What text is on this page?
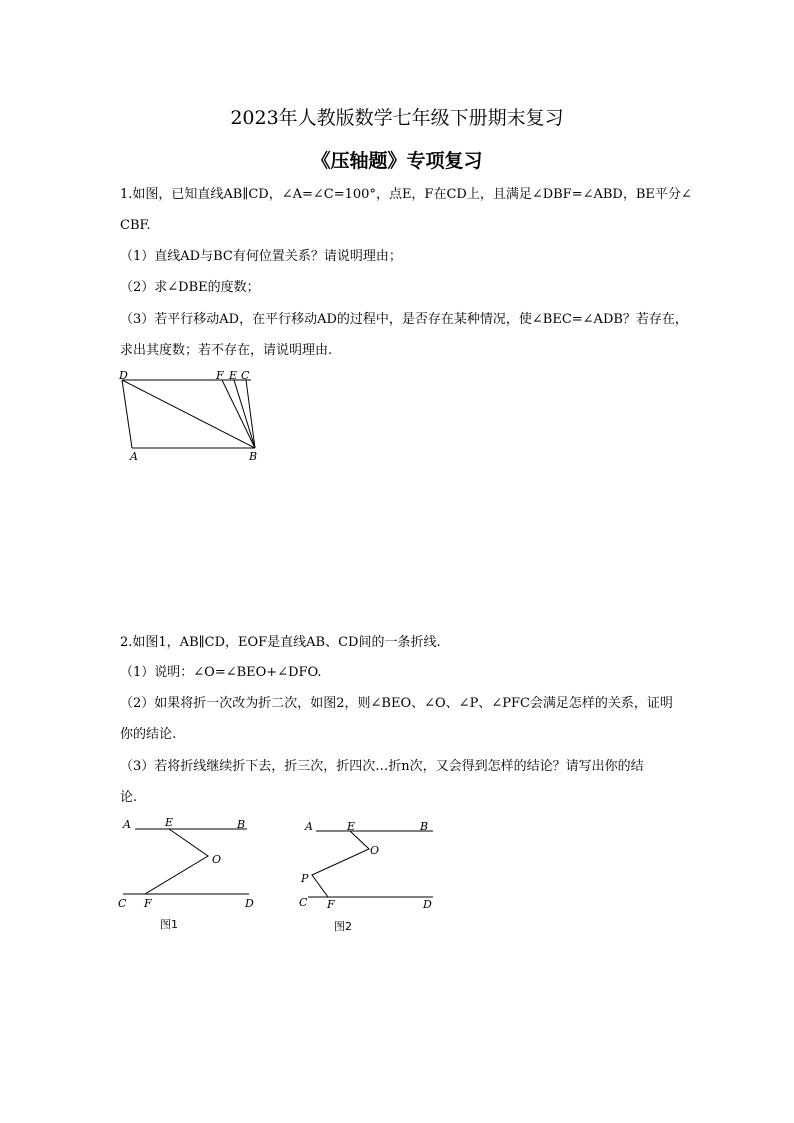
2023年人教版数学七年级下册期末复习
《压轴题》专项复习
1.如图，已知直线AB∥CD，∠A=∠C=100°，点E，F在CD上，且满足∠DBF=∠ABD，BE平分∠
CBF.
（1）直线AD与BC有何位置关系？请说明理由；
（2）求∠DBE的度数；
（3）若平行移动AD，在平行移动AD的过程中，是否存在某种情况，使∠BEC=∠ADB？若存在，
求出其度数；若不存在，请说明理由.
D	F E C
A	B
2.如图1，AB∥CD，EOF是直线AB、CD间的一条折线.
（1）说明：∠O=∠BEO+∠DFO.
（2）如果将折一次改为折二次，如图2，则∠BEO、∠O、∠P、∠PFC会满足怎样的关系，证明
你的结论.
（3）若将折线继续折下去，折三次，折四次…折n次，又会得到怎样的结论？请写出你的结
论.
A	E	B
O
C F	D
图1
A	E	B
O
P
C F	D
图2
